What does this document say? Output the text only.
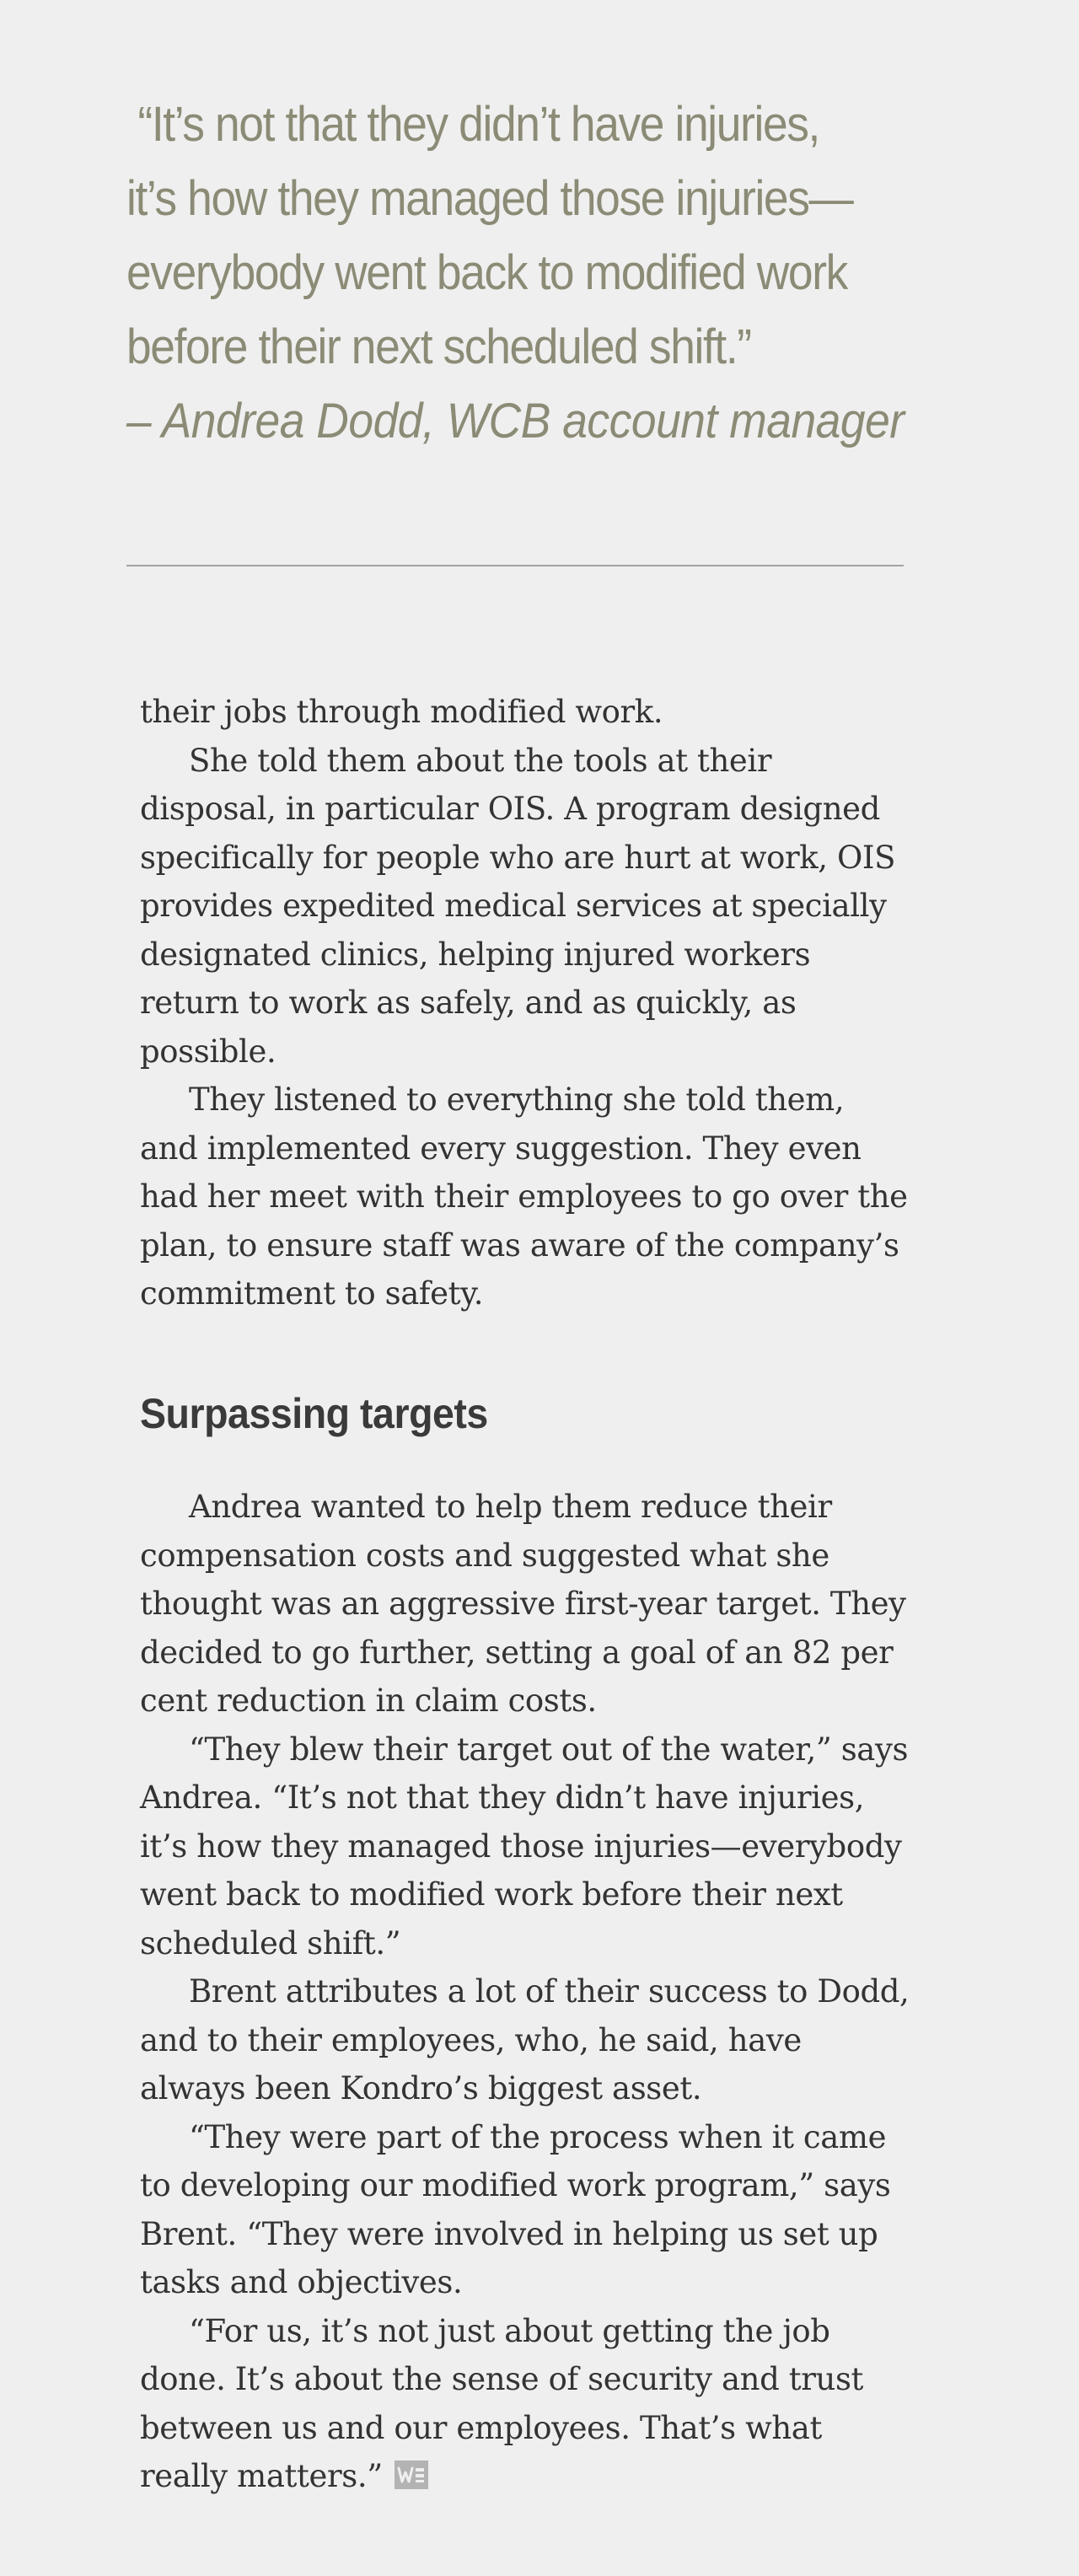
“It’s not that they didn’t have injuries,
it’s how they managed those injuries—
everybody went back to modified work
before their next scheduled shift.”
– Andrea Dodd, WCB account manager

their jobs through modified work.

She told them about the tools at their

disposal, in particular OIS. A program designed

specifically for people who are hurt at work, OIS

provides expedited medical services at specially

designated clinics, helping injured workers

return to work as safely, and as quickly, as

possible.

They listened to everything she told them,

and implemented every suggestion. They even

had her meet with their employees to go over the

plan, to ensure staff was aware of the company’s

commitment to safety.

Surpassing targets

Andrea wanted to help them reduce their

compensation costs and suggested what she

thought was an aggressive first-year target. They

decided to go further, setting a goal of an 82 per

cent reduction in claim costs.

“They blew their target out of the water,” says

Andrea. “It’s not that they didn’t have injuries,

it’s how they managed those injuries—everybody

went back to modified work before their next

scheduled shift.”

Brent attributes a lot of their success to Dodd,

and to their employees, who, he said, have

always been Kondro’s biggest asset.

“They were part of the process when it came

to developing our modified work program,” says

Brent. “They were involved in helping us set up

tasks and objectives.

“For us, it’s not just about getting the job

done. It’s about the sense of security and trust

between us and our employees. That’s what

really matters.”
